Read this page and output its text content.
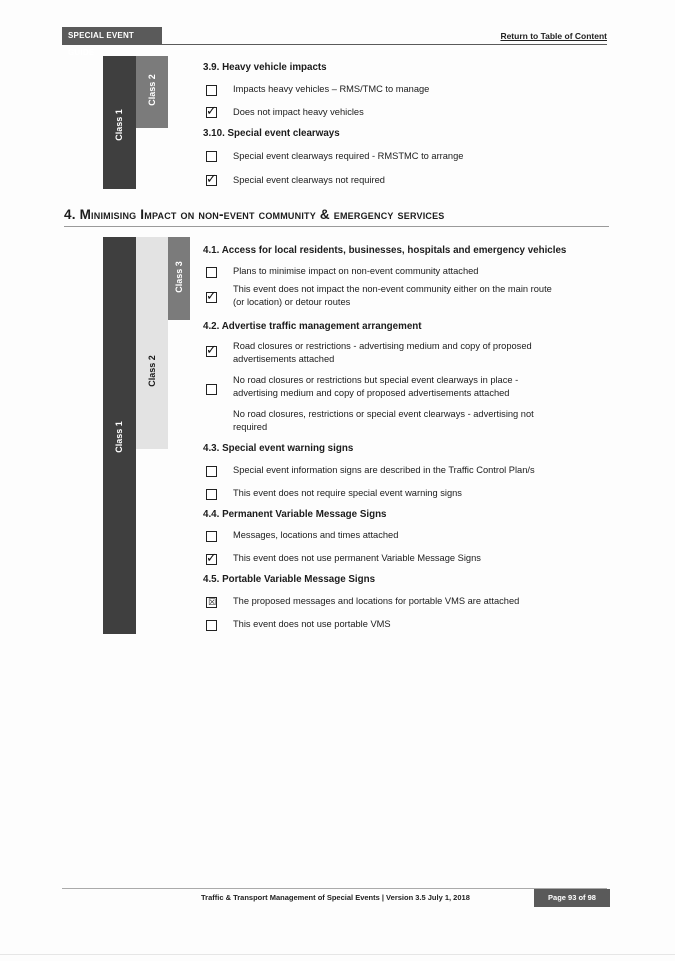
SPECIAL EVENT GUIDE
Return to Table of Content
Class 1
Class 2
3.9. Heavy vehicle impacts
Impacts heavy vehicles – RMS/TMC to manage
✓ Does not impact heavy vehicles
3.10. Special event clearways
Special event clearways required - RMSTMC to arrange
✓ Special event clearways not required
4. Minimising Impact on non-event community & emergency services
Class 1
Class 2
Class 3
4.1. Access for local residents, businesses, hospitals and emergency vehicles
Plans to minimise impact on non-event community attached
✓ This event does not impact the non-event community either on the main route
(or location) or detour routes
4.2. Advertise traffic management arrangement
✓ Road closures or restrictions - advertising medium and copy of proposed
advertisements attached
No road closures or restrictions but special event clearways in place -
advertising medium and copy of proposed advertisements attached
No road closures, restrictions or special event clearways - advertising not
required
4.3. Special event warning signs
Special event information signs are described in the Traffic Control Plan/s
This event does not require special event warning signs
4.4. Permanent Variable Message Signs
Messages, locations and times attached
✓ This event does not use permanent Variable Message Signs
4.5. Portable Variable Message Signs
☒ The proposed messages and locations for portable VMS are attached
This event does not use portable VMS
Traffic & Transport Management of Special Events | Version 3.5 July 1, 2018	Page 93 of 98
